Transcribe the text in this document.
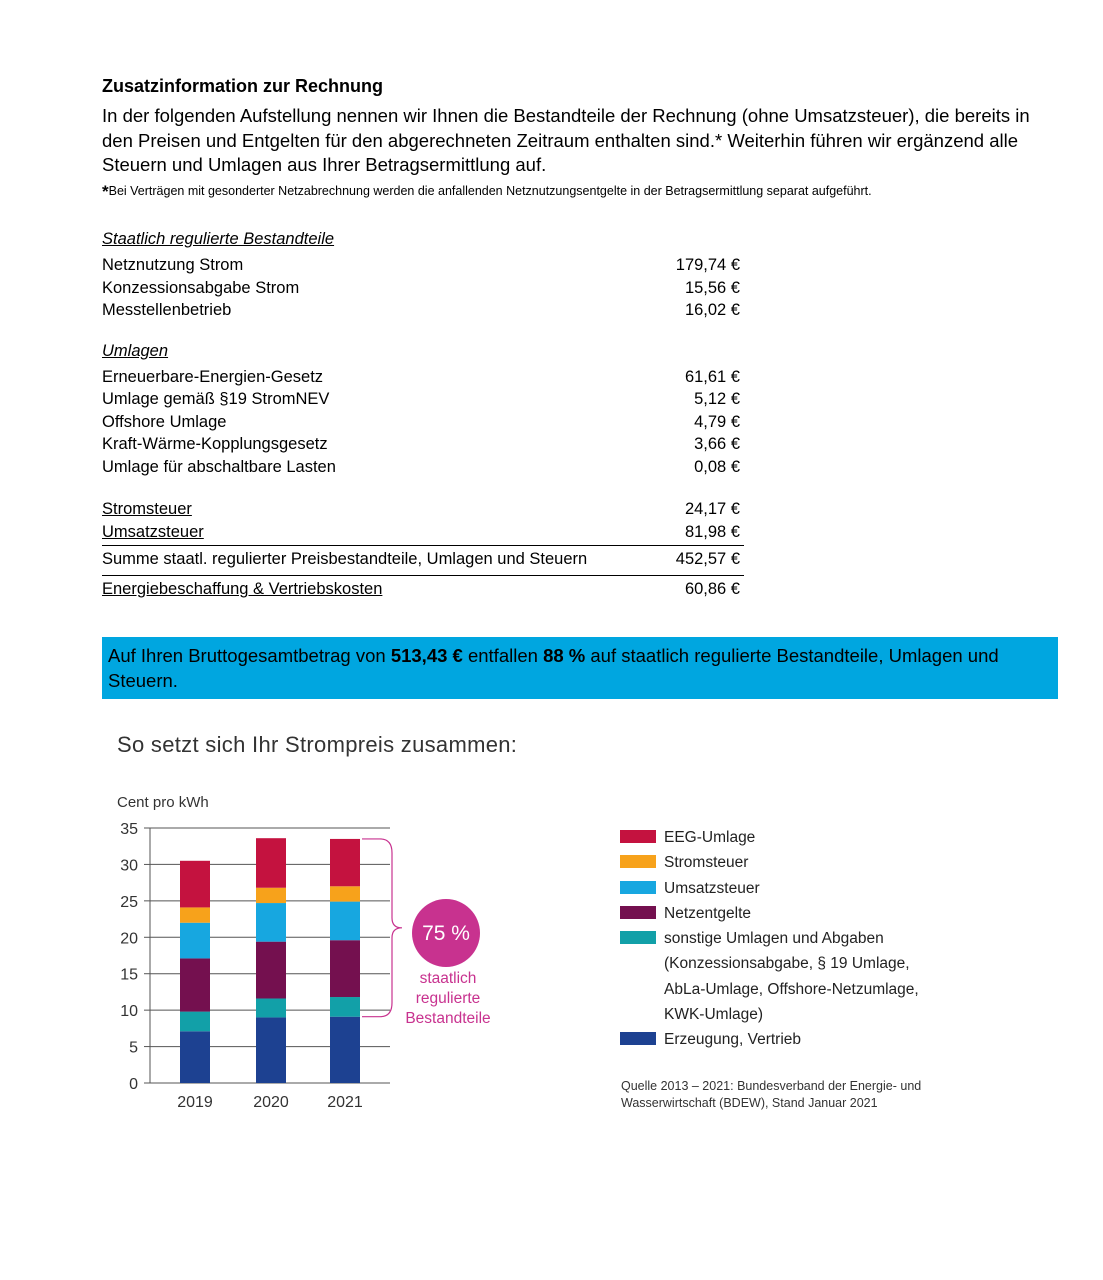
Zusatzinformation zur Rechnung
In der folgenden Aufstellung nennen wir Ihnen die Bestandteile der Rechnung (ohne Umsatzsteuer), die bereits in den Preisen und Entgelten für den abgerechneten Zeitraum enthalten sind.* Weiterhin führen wir ergänzend alle Steuern und Umlagen aus Ihrer Betragsermittlung auf.
*Bei Verträgen mit gesonderter Netzabrechnung werden die anfallenden Netznutzungsentgelte in der Betragsermittlung separat aufgeführt.
Staatlich regulierte Bestandteile
Netznutzung Strom	179,74 €
Konzessionsabgabe Strom	15,56 €
Messtellenbetrieb	16,02 €
Umlagen
Erneuerbare-Energien-Gesetz	61,61 €
Umlage gemäß §19 StromNEV	5,12 €
Offshore Umlage	4,79 €
Kraft-Wärme-Kopplungsgesetz	3,66 €
Umlage für abschaltbare Lasten	0,08 €
Stromsteuer	24,17 €
Umsatzsteuer	81,98 €
Summe staatl. regulierter Preisbestandteile, Umlagen und Steuern	452,57 €
Energiebeschaffung & Vertriebskosten	60,86 €
Auf Ihren Bruttogesamtbetrag von 513,43 € entfallen 88 % auf staatlich regulierte Bestandteile, Umlagen und Steuern.
So setzt sich Ihr Strompreis zusammen:
Cent pro kWh
0
5
10
15
20
25
30
35
2019	2020 2021
75 %
staatlich
regulierte
Bestandteile
EEG-Umlage
Stromsteuer
Umsatzsteuer
Netzentgelte
sonstige Umlagen und Abgaben
(Konzessionsabgabe, § 19 Umlage,
AbLa-Umlage, Offshore-Netzumlage,
KWK-Umlage)
Erzeugung, Vertrieb
Quelle 2013 – 2021: Bundesverband der Energie- und Wasserwirtschaft (BDEW), Stand Januar 2021
